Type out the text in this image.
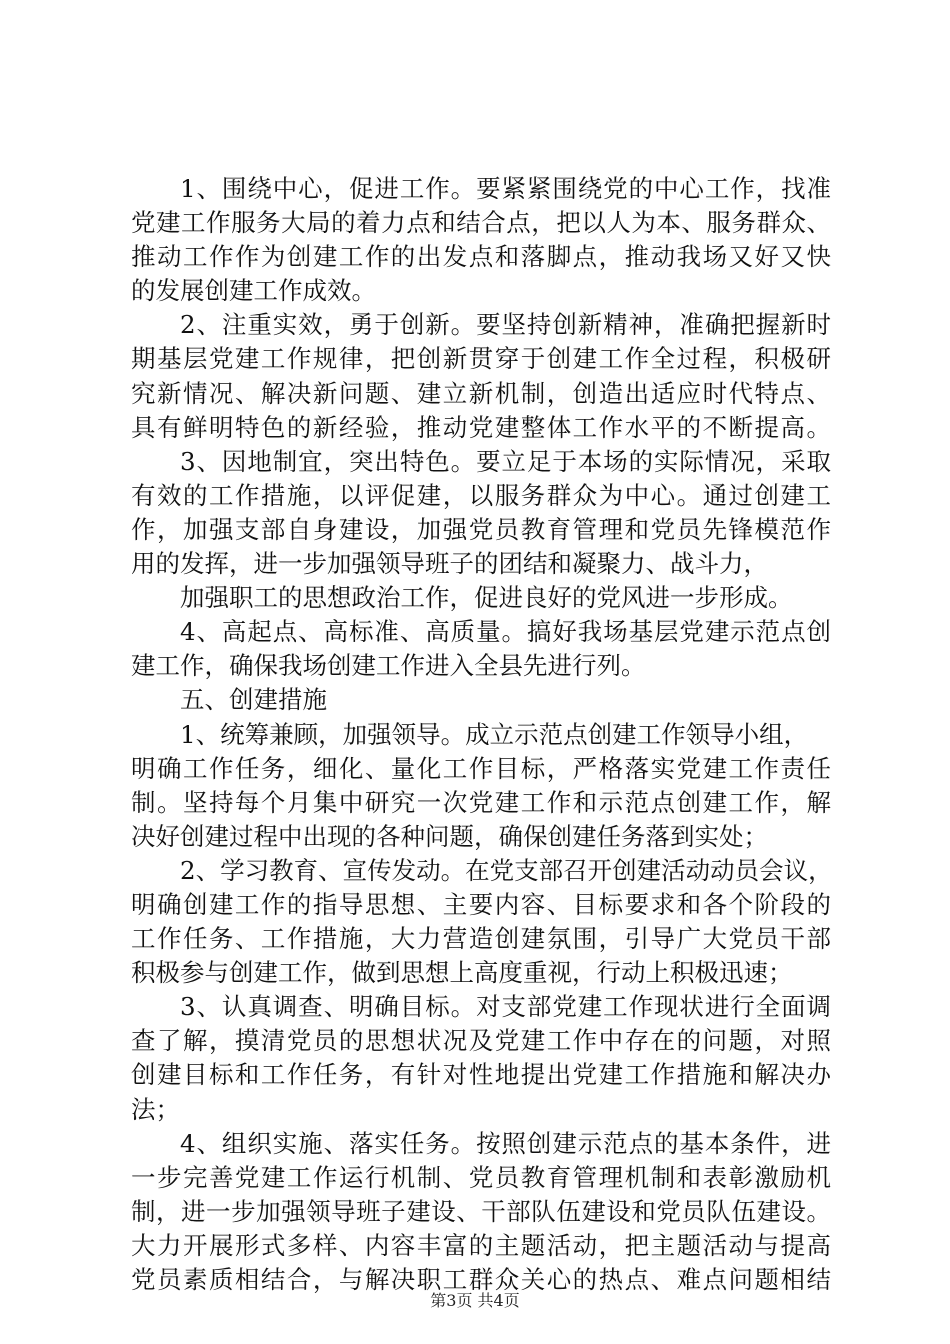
1、围绕中心，促进工作。要紧紧围绕党的中心工作，找准
党建工作服务大局的着力点和结合点，把以人为本、服务群众、
推动工作作为创建工作的出发点和落脚点，推动我场又好又快
的发展创建工作成效。
2、注重实效，勇于创新。要坚持创新精神，准确把握新时
期基层党建工作规律，把创新贯穿于创建工作全过程，积极研
究新情况、解决新问题、建立新机制，创造出适应时代特点、
具有鲜明特色的新经验，推动党建整体工作水平的不断提高。
3、因地制宜，突出特色。要立足于本场的实际情况，采取
有效的工作措施，以评促建，以服务群众为中心。通过创建工
作，加强支部自身建设，加强党员教育管理和党员先锋模范作
用的发挥，进一步加强领导班子的团结和凝聚力、战斗力，
加强职工的思想政治工作，促进良好的党风进一步形成。
4、高起点、高标准、高质量。搞好我场基层党建示范点创
建工作，确保我场创建工作进入全县先进行列。
五、创建措施
1、统筹兼顾，加强领导。成立示范点创建工作领导小组，
明确工作任务，细化、量化工作目标，严格落实党建工作责任
制。坚持每个月集中研究一次党建工作和示范点创建工作，解
决好创建过程中出现的各种问题，确保创建任务落到实处；
2、学习教育、宣传发动。在党支部召开创建活动动员会议，
明确创建工作的指导思想、主要内容、目标要求和各个阶段的
工作任务、工作措施，大力营造创建氛围，引导广大党员干部
积极参与创建工作，做到思想上高度重视，行动上积极迅速；
3、认真调查、明确目标。对支部党建工作现状进行全面调
查了解，摸清党员的思想状况及党建工作中存在的问题，对照
创建目标和工作任务，有针对性地提出党建工作措施和解决办
法；
4、组织实施、落实任务。按照创建示范点的基本条件，进
一步完善党建工作运行机制、党员教育管理机制和表彰激励机
制，进一步加强领导班子建设、干部队伍建设和党员队伍建设。
大力开展形式多样、内容丰富的主题活动，把主题活动与提高
党员素质相结合，与解决职工群众关心的热点、难点问题相结
第3页 共4页
